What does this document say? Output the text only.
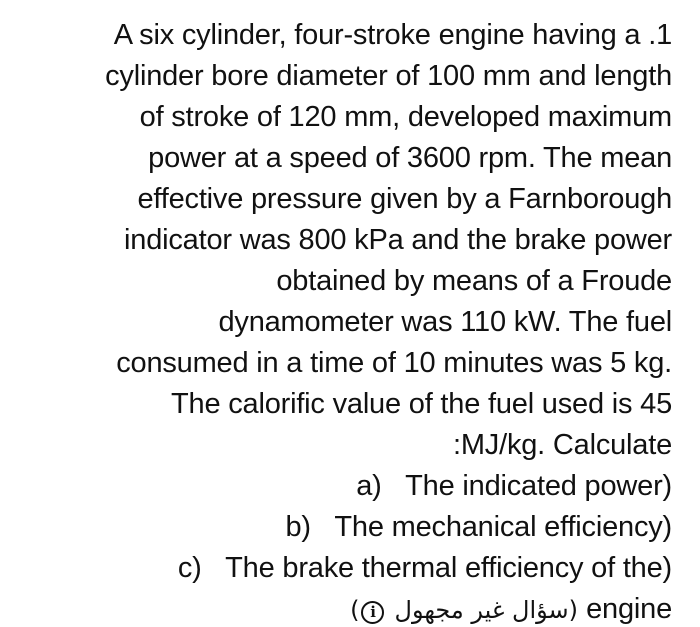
A six cylinder, four-stroke engine having a .1
cylinder bore diameter of 100 mm and length
of stroke of 120 mm, developed maximum
power at a speed of 3600 rpm. The mean
effective pressure given by a Farnborough
indicator was 800 kPa and the brake power
obtained by means of a Froude
dynamometer was 110 kW. The fuel
consumed in a time of 10 minutes was 5 kg.
The calorific value of the fuel used is 45
:MJ/kg. Calculate
a) The indicated power)
b) The mechanical efficiency)
c) The brake thermal efficiency of the)
( i سؤال غير مجهول) engine
